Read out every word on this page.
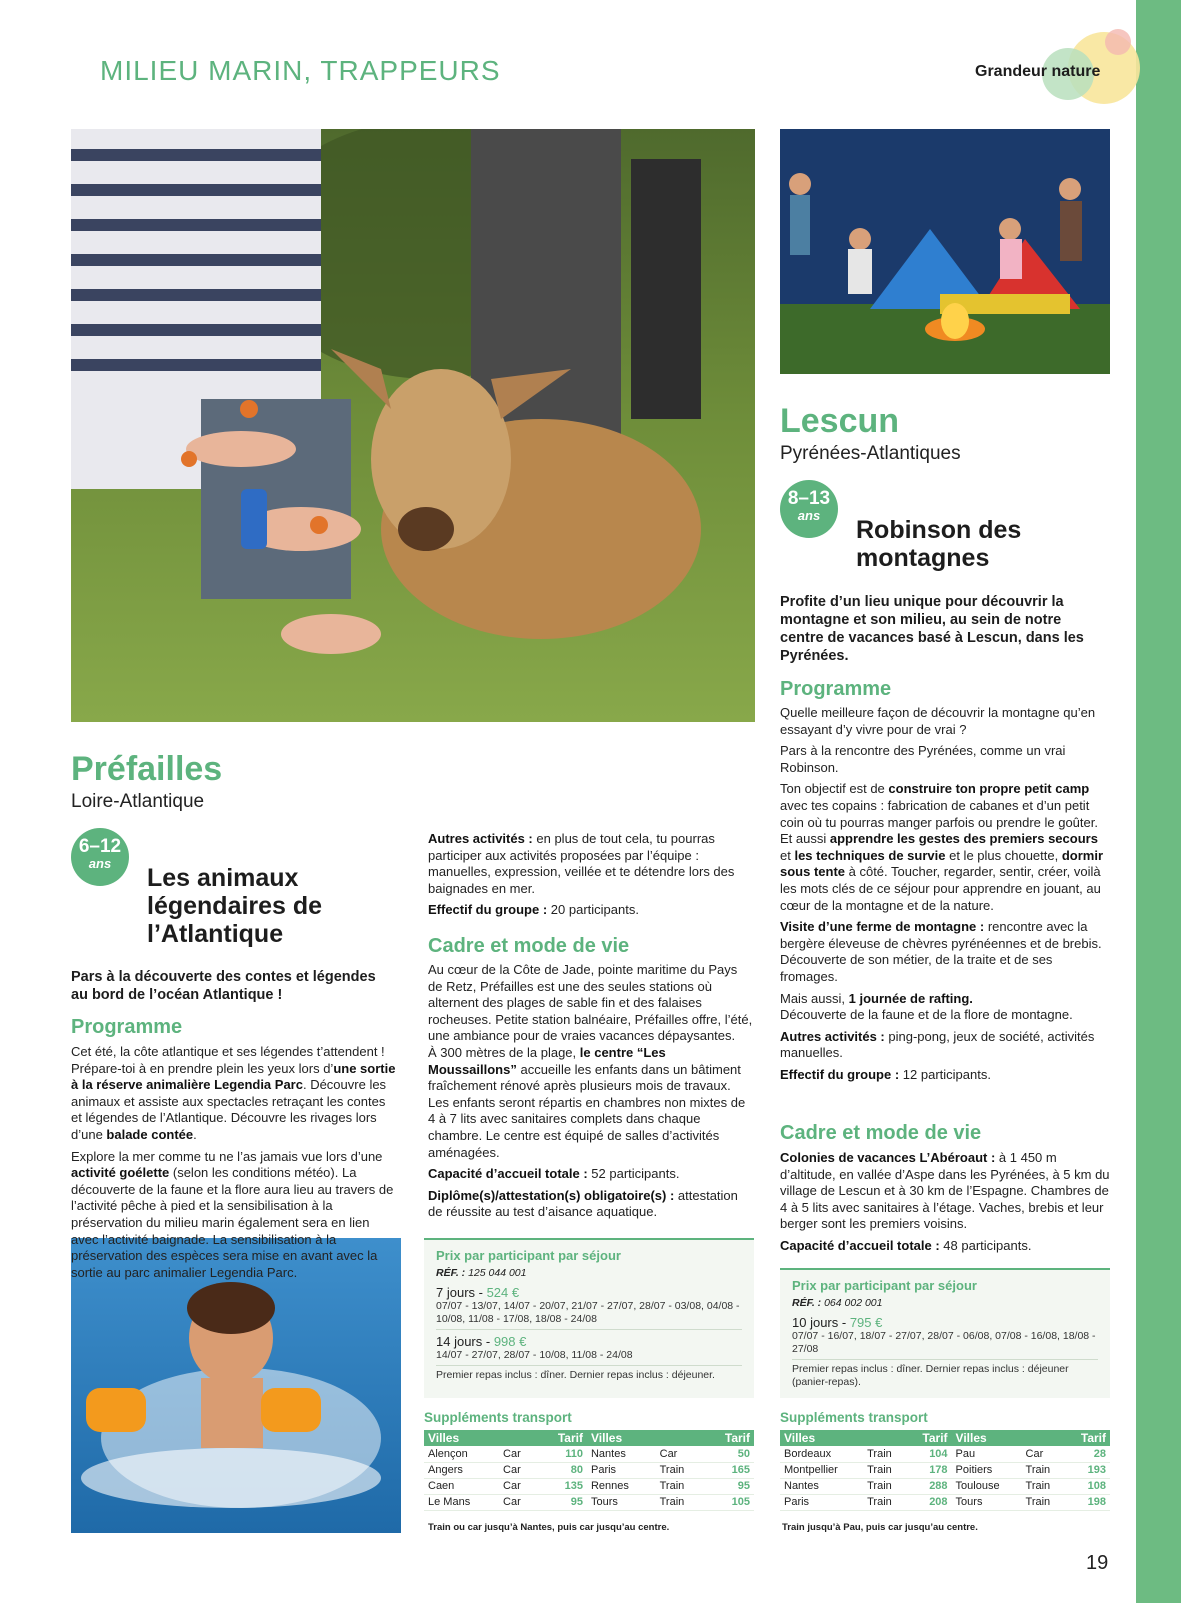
MILIEU MARIN, TRAPPEURS	Grandeur nature
Préfailles
Loire-Atlantique
6–12
ans
Les animaux
légendaires de
l’Atlantique
Pars à la découverte des contes et légendes au bord de l’océan Atlantique !
Programme

Cet été, la côte atlantique et ses légendes t’attendent ! Prépare-toi à en prendre plein les yeux lors d’une sortie à la réserve animalière Legendia Parc. Découvre les animaux et assiste aux spectacles retraçant les contes et légendes de l’Atlantique. Découvre les rivages lors d’une balade contée.

Explore la mer comme tu ne l’as jamais vue lors d’une activité goélette (selon les conditions météo). La découverte de la faune et la flore aura lieu au travers de l’activité pêche à pied et la sensibilisation à la préservation du milieu marin également sera en lien avec l’activité baignade. La sensibilisation à la préservation des espèces sera mise en avant avec la sortie au parc animalier Legendia Parc.

Autres activités : en plus de tout cela, tu pourras participer aux activités proposées par l’équipe : manuelles, expression, veillée et te détendre lors des baignades en mer.

Effectif du groupe : 20 participants.

Cadre et mode de vie

Au cœur de la Côte de Jade, pointe maritime du Pays de Retz, Préfailles est une des seules stations où alternent des plages de sable fin et des falaises rocheuses. Petite station balnéaire, Préfailles offre, l’été, une ambiance pour de vraies vacances dépaysantes.

À 300 mètres de la plage, le centre “Les Moussaillons” accueille les enfants dans un bâtiment fraîchement rénové après plusieurs mois de travaux. Les enfants seront répartis en chambres non mixtes de 4 à 7 lits avec sanitaires complets dans chaque chambre. Le centre est équipé de salles d’activités aménagées.

Capacité d’accueil totale : 52 participants.

Diplôme(s)/attestation(s) obligatoire(s) : attestation de réussite au test d’aisance aquatique.

Prix par participant par séjour
RÉF. : 125 044 001
7 jours - 524 €
07/07 - 13/07, 14/07 - 20/07, 21/07 - 27/07, 28/07 - 03/08, 04/08 - 10/08, 11/08 - 17/08, 18/08 - 24/08
14 jours - 998 €
14/07 - 27/07, 28/07 - 10/08, 11/08 - 24/08
Premier repas inclus : dîner. Dernier repas inclus : déjeuner.
Suppléments transport
Villes		Tarif	Villes		Tarif
Alençon	Car	110	Nantes	Car	50
Angers	Car	80	Paris	Train	165
Caen	Car	135	Rennes	Train	95
Le Mans	Car	95	Tours	Train	105
Train ou car jusqu’à Nantes, puis car jusqu’au centre.
Lescun
Pyrénées-Atlantiques
8–13
ans
Robinson des
montagnes
Profite d’un lieu unique pour découvrir la montagne et son milieu, au sein de notre centre de vacances basé à Lescun, dans les Pyrénées.
Programme

Quelle meilleure façon de découvrir la montagne qu’en essayant d’y vivre pour de vrai ?

Pars à la rencontre des Pyrénées, comme un vrai Robinson.

Ton objectif est de construire ton propre petit camp avec tes copains : fabrication de cabanes et d’un petit coin où tu pourras manger parfois ou prendre le goûter. Et aussi apprendre les gestes des premiers secours et les techniques de survie et le plus chouette, dormir sous tente à côté. Toucher, regarder, sentir, créer, voilà les mots clés de ce séjour pour apprendre en jouant, au cœur de la montagne et de la nature.

Visite d’une ferme de montagne : rencontre avec la bergère éleveuse de chèvres pyrénéennes et de brebis. Découverte de son métier, de la traite et de ses fromages.

Mais aussi, 1 journée de rafting.

Découverte de la faune et de la flore de montagne.

Autres activités : ping-pong, jeux de société, activités manuelles.

Effectif du groupe : 12 participants.

Cadre et mode de vie

Colonies de vacances L’Abéroaut : à 1 450 m d’altitude, en vallée d’Aspe dans les Pyrénées, à 5 km du village de Lescun et à 30 km de l’Espagne. Chambres de 4 à 5 lits avec sanitaires à l’étage. Vaches, brebis et leur berger sont les premiers voisins.

Capacité d’accueil totale : 48 participants.

Prix par participant par séjour
RÉF. : 064 002 001
10 jours - 795 €
07/07 - 16/07, 18/07 - 27/07, 28/07 - 06/08, 07/08 - 16/08, 18/08 - 27/08
Premier repas inclus : dîner. Dernier repas inclus : déjeuner (panier-repas).
Suppléments transport
Villes		Tarif	Villes		Tarif
Bordeaux	Train	104	Pau	Car	28
Montpellier	Train	178	Poitiers	Train	193
Nantes	Train	288	Toulouse	Train	108
Paris	Train	208	Tours	Train	198
Train jusqu’à Pau, puis car jusqu’au centre.
19
